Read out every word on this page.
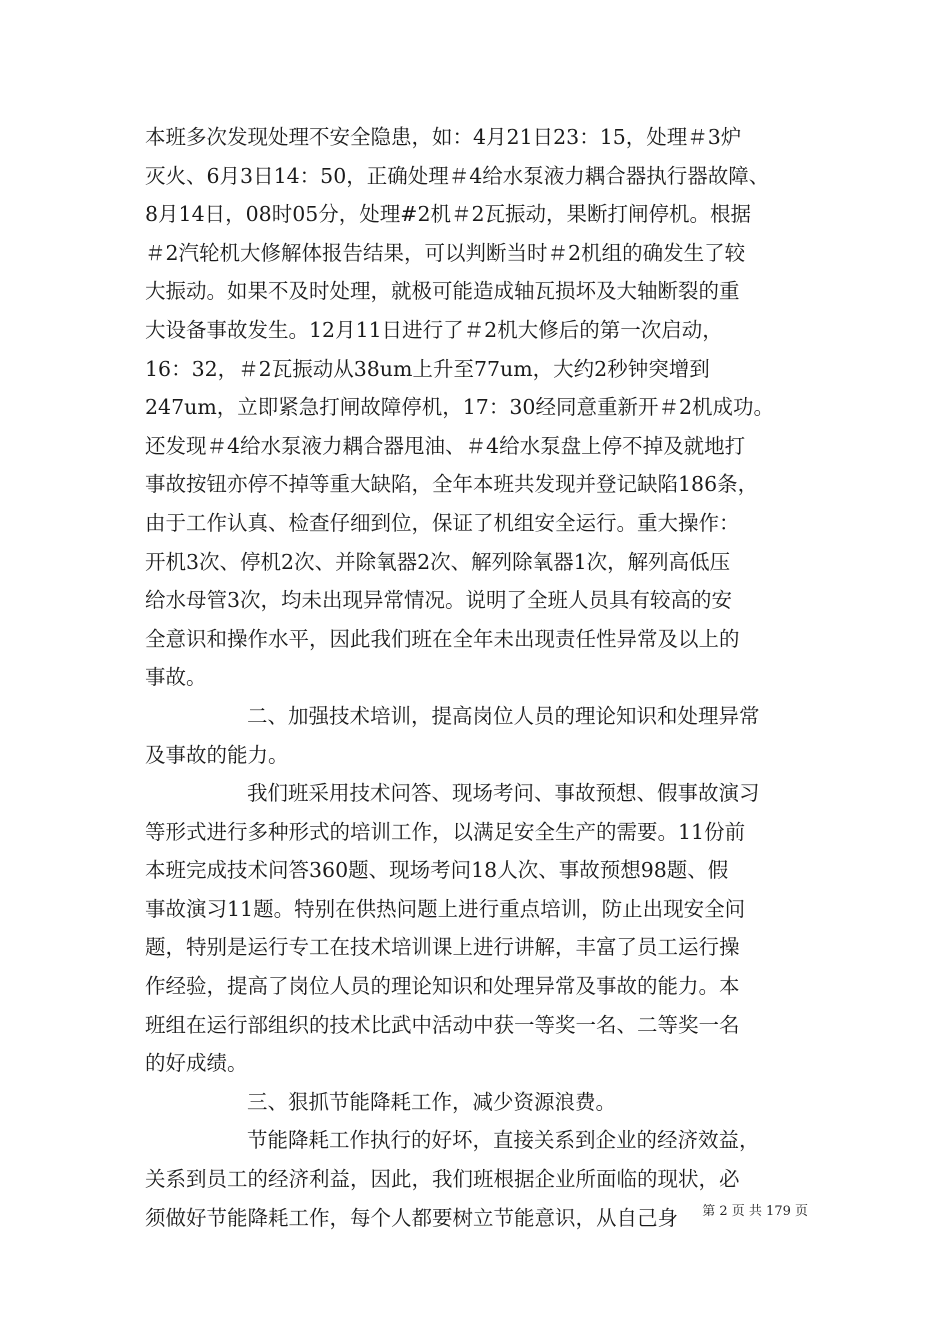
本班多次发现处理不安全隐患，如：4月21日23：15，处理＃3炉
灭火、6月3日14：50，正确处理＃4给水泵液力耦合器执行器故障、
8月14日，08时05分，处理#2机＃2瓦振动，果断打闸停机。根据
＃2汽轮机大修解体报告结果，可以判断当时＃2机组的确发生了较
大振动。如果不及时处理，就极可能造成轴瓦损坏及大轴断裂的重
大设备事故发生。12月11日进行了＃2机大修后的第一次启动，
16：32，＃2瓦振动从38um上升至77um，大约2秒钟突增到
247um，立即紧急打闸故障停机，17：30经同意重新开＃2机成功。
还发现＃4给水泵液力耦合器甩油、＃4给水泵盘上停不掉及就地打
事故按钮亦停不掉等重大缺陷，全年本班共发现并登记缺陷186条，
由于工作认真、检查仔细到位，保证了机组安全运行。重大操作：
开机3次、停机2次、并除氧器2次、解列除氧器1次，解列高低压
给水母管3次，均未出现异常情况。说明了全班人员具有较高的安
全意识和操作水平，因此我们班在全年未出现责任性异常及以上的
事故。
二、加强技术培训，提高岗位人员的理论知识和处理异常
及事故的能力。
我们班采用技术问答、现场考问、事故预想、假事故演习
等形式进行多种形式的培训工作，以满足安全生产的需要。11份前
本班完成技术问答360题、现场考问18人次、事故预想98题、假
事故演习11题。特别在供热问题上进行重点培训，防止出现安全问
题，特别是运行专工在技术培训课上进行讲解，丰富了员工运行操
作经验，提高了岗位人员的理论知识和处理异常及事故的能力。本
班组在运行部组织的技术比武中活动中获一等奖一名、二等奖一名
的好成绩。
三、狠抓节能降耗工作，减少资源浪费。
节能降耗工作执行的好坏，直接关系到企业的经济效益，
关系到员工的经济利益，因此，我们班根据企业所面临的现状，必
须做好节能降耗工作，每个人都要树立节能意识，从自己身	第 2 页 共 179 页
